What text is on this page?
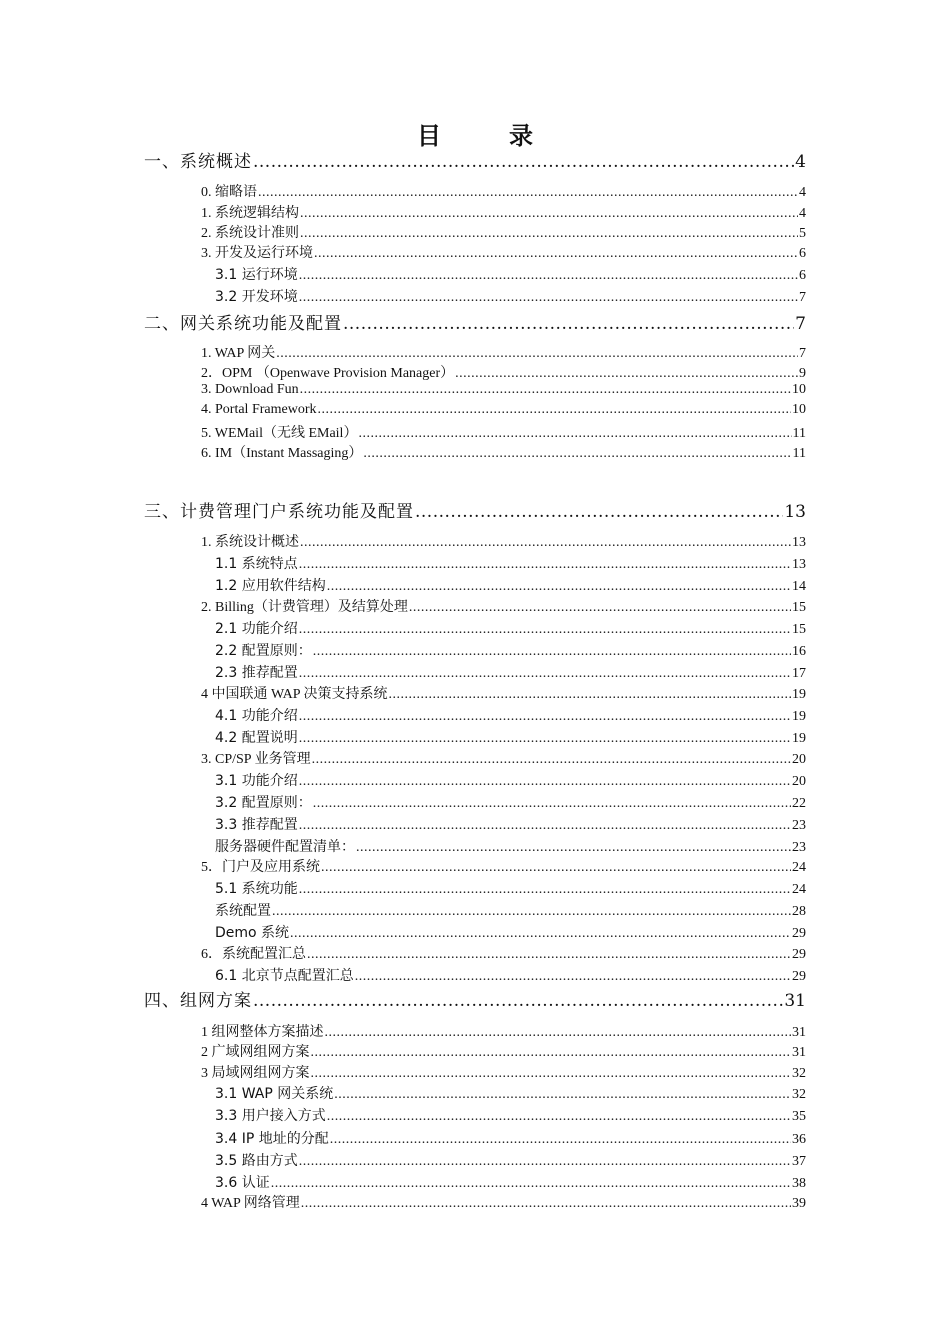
目　录
一、系统概述 .....	4
0. 缩略语 .....	4
1. 系统逻辑结构 .....	4
2. 系统设计准则 .....	5
3. 开发及运行环境 .....	6
3.1 运行环境 .....	6
3.2 开发环境 .....	7
二、网关系统功能及配置 .....	7
1. WAP 网关 .....	7
2．OPM （Openwave Provision Manager） .....	9
3. Download Fun .....	10
4. Portal Framework .....	10
5. WEMail（无线 EMail） .....	11
6. IM（Instant Massaging） .....	11
三、计费管理门户系统功能及配置 .....	13
1. 系统设计概述 .....	13
1.1 系统特点 .....	13
1.2 应用软件结构 .....	14
2. Billing（计费管理）及结算处理 .....	15
2.1 功能介绍 .....	15
2.2 配置原则： .....	16
2.3 推荐配置 .....	17
4 中国联通 WAP 决策支持系统 .....	19
4.1 功能介绍 .....	19
4.2 配置说明 .....	19
3. CP/SP 业务管理 .....	20
3.1 功能介绍 .....	20
3.2 配置原则： .....	22
3.3 推荐配置 .....	23
服务器硬件配置清单： .....	23
5．门户及应用系统 .....	24
5.1 系统功能 .....	24
系统配置 .....	28
Demo 系统 .....	29
6．系统配置汇总 .....	29
6.1 北京节点配置汇总 .....	29
四、组网方案 .....	31
1 组网整体方案描述 .....	31
2 广域网组网方案 .....	31
3 局域网组网方案 .....	32
3.1 WAP 网关系统 .....	32
3.3 用户接入方式 .....	35
3.4 IP 地址的分配 .....	36
3.5 路由方式 .....	37
3.6 认证 .....	38
4 WAP 网络管理 .....	39
